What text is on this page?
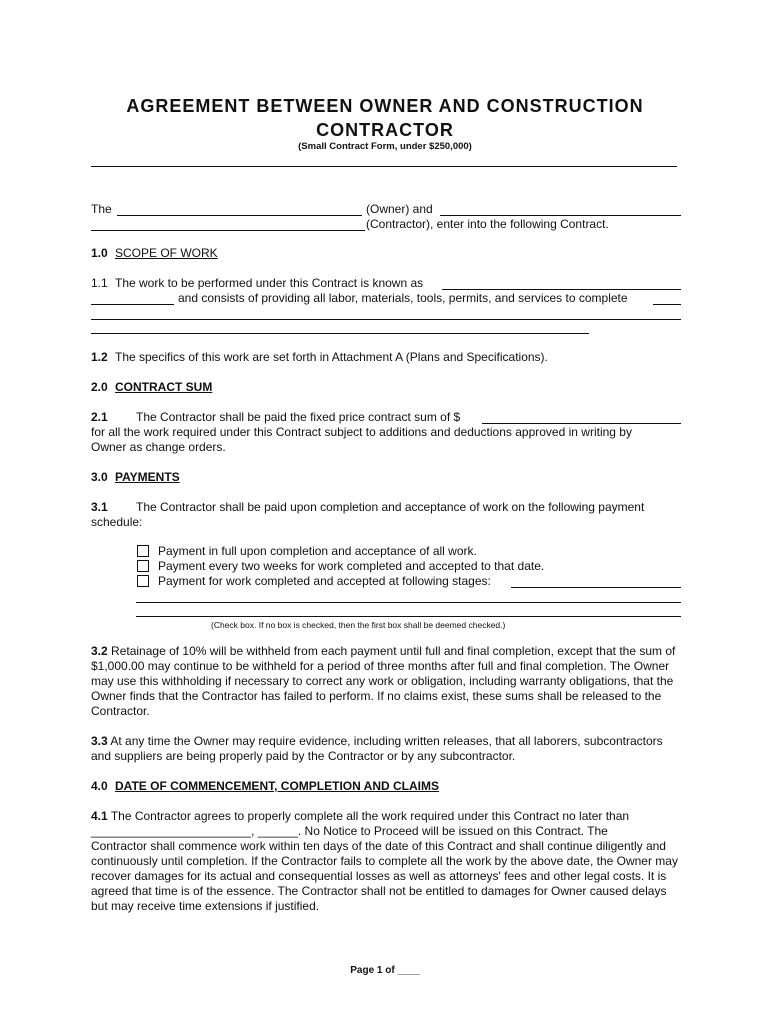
AGREEMENT BETWEEN OWNER AND CONSTRUCTION
CONTRACTOR
(Small Contract Form, under $250,000)
The	(Owner) and
(Contractor), enter into the following Contract.
1.0 SCOPE OF WORK
1.1 The work to be performed under this Contract is known as
and consists of providing all labor, materials, tools, permits, and services to complete
1.2 The specifics of this work are set forth in Attachment A (Plans and Specifications).
2.0 CONTRACT SUM
2.1 The Contractor shall be paid the fixed price contract sum of $
for all the work required under this Contract subject to additions and deductions approved in writing by
Owner as change orders.
3.0 PAYMENTS
3.1 The Contractor shall be paid upon completion and acceptance of work on the following payment
schedule:
Payment in full upon completion and acceptance of all work.
Payment every two weeks for work completed and accepted to that date.
Payment for work completed and accepted at following stages:
(Check box. If no box is checked, then the first box shall be deemed checked.)
3.2 Retainage of 10% will be withheld from each payment until full and final completion, except that the sum of $1,000.00 may continue to be withheld for a period of three months after full and final completion. The Owner may use this withholding if necessary to correct any work or obligation, including warranty obligations, that the Owner finds that the Contractor has failed to perform. If no claims exist, these sums shall be released to the Contractor.
3.3 At any time the Owner may require evidence, including written releases, that all laborers, subcontractors and suppliers are being properly paid by the Contractor or by any subcontractor.
4.0 DATE OF COMMENCEMENT, COMPLETION AND CLAIMS
4.1 The Contractor agrees to properly complete all the work required under this Contract no later than
________________________, ______. No Notice to Proceed will be issued on this Contract. The
Contractor shall commence work within ten days of the date of this Contract and shall continue diligently and continuously until completion. If the Contractor fails to complete all the work by the above date, the Owner may recover damages for its actual and consequential losses as well as attorneys' fees and other legal costs. It is agreed that time is of the essence. The Contractor shall not be entitled to damages for Owner caused delays but may receive time extensions if justified.
Page 1 of ____
